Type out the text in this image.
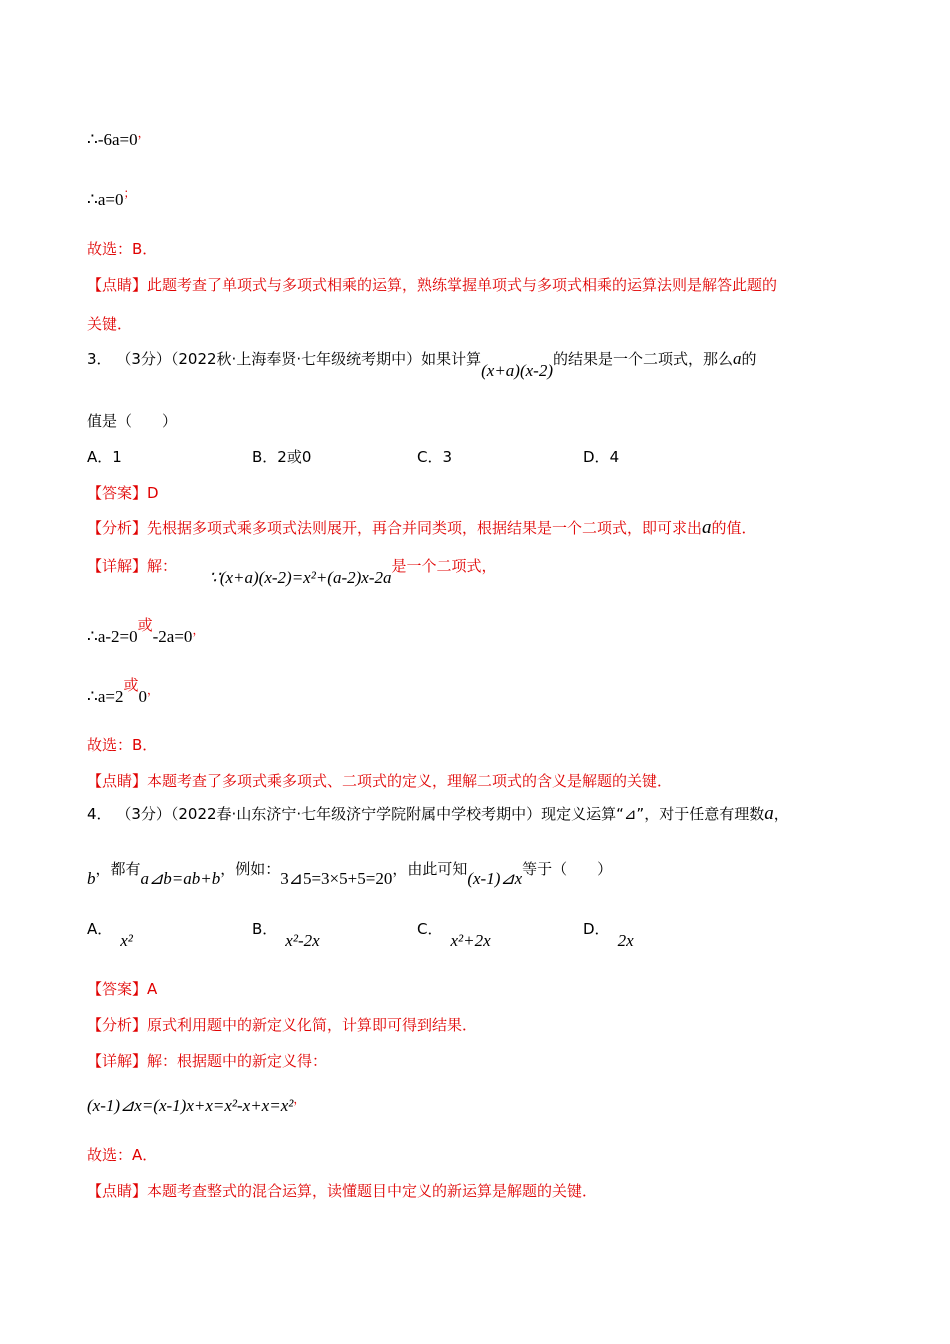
∴-6a=0，
∴a=0；
故选：B．
【点睛】此题考查了单项式与多项式相乘的运算，熟练掌握单项式与多项式相乘的运算法则是解答此题的
关键．
3． （3分）（2022秋·上海奉贤·七年级统考期中）如果计算(x+a)(x-2)的结果是一个二项式，那么a的
值是（　　）
A．1	B．2或0	C．3	D．4
【答案】D
【分析】先根据多项式乘多项式法则展开，再合并同类项，根据结果是一个二项式，即可求出a的值．
【详解】解：∵(x+a)(x-2)=x²+(a-2)x-2a是一个二项式，
∴a-2=0或-2a=0，
∴a=2或0，
故选：B．
【点睛】本题考查了多项式乘多项式、二项式的定义，理解二项式的含义是解题的关键．
4． （3分）（2022春·山东济宁·七年级济宁学院附属中学校考期中）现定义运算“⊿”，对于任意有理数a，
b，都有a⊿b=ab+b，例如：3⊿5=3×5+5=20，由此可知(x-1)⊿x等于（　　）
A．x²
B．x²-2x
C．x²+2x
D．2x
【答案】A
【分析】原式利用题中的新定义化简，计算即可得到结果．
【详解】解：根据题中的新定义得：
(x-1)⊿x=(x-1)x+x=x²-x+x=x²，
故选：A．
【点睛】本题考查整式的混合运算，读懂题目中定义的新运算是解题的关键．
